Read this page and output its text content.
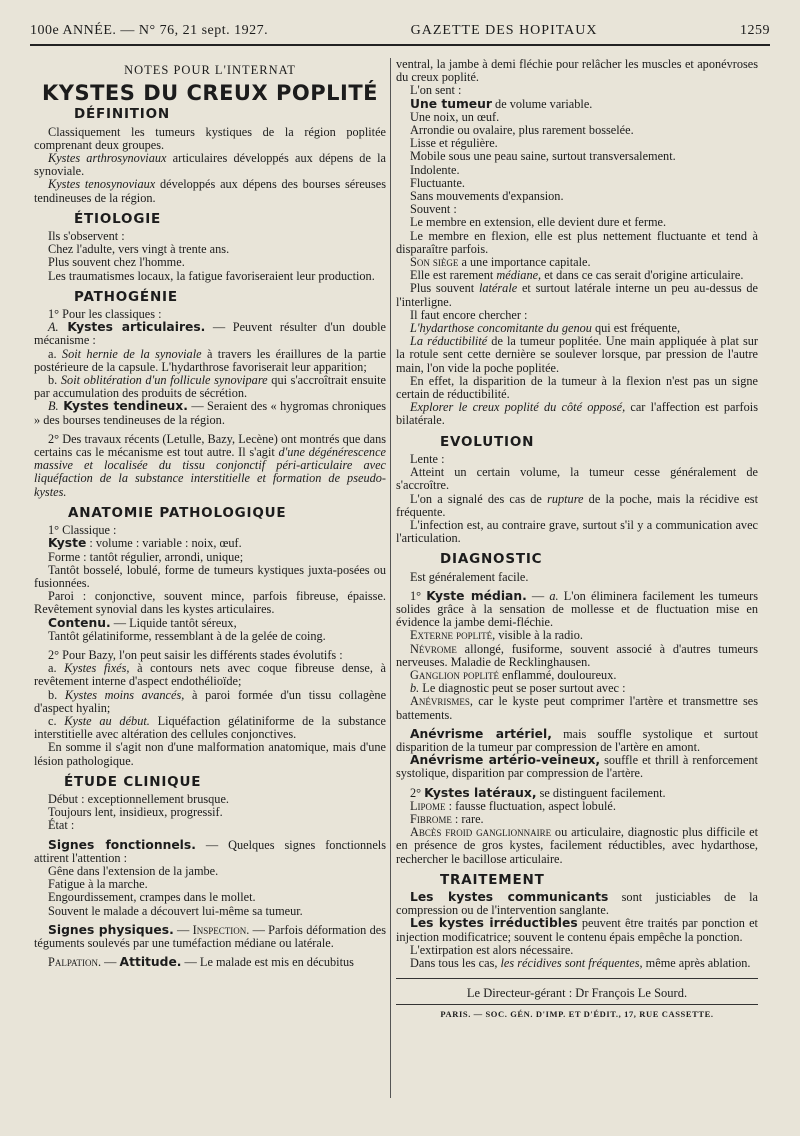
100e ANNÉE. — N° 76, 21 sept. 1927.	GAZETTE DES HOPITAUX	1259
NOTES POUR L'INTERNAT
KYSTES DU CREUX POPLITÉ
DÉFINITION

Classiquement les tumeurs kystiques de la région poplitée comprenant deux groupes.

Kystes arthrosynoviaux articulaires développés aux dépens de la synoviale.

Kystes tenosynoviaux développés aux dépens des bourses séreuses tendineuses de la région.

ÉTIOLOGIE

Ils s'observent :

Chez l'adulte, vers vingt à trente ans.

Plus souvent chez l'homme.

Les traumatismes locaux, la fatigue favoriseraient leur production.

PATHOGÉNIE

1° Pour les classiques :

A. Kystes articulaires. — Peuvent résulter d'un double mécanisme :

a. Soit hernie de la synoviale à travers les éraillures de la partie postérieure de la capsule. L'hydarthrose favoriserait leur apparition;

b. Soit oblitération d'un follicule synovipare qui s'accroîtrait ensuite par accumulation des produits de sécrétion.

B. Kystes tendineux. — Seraient des « hygromas chroniques » des bourses tendineuses de la région.

2° Des travaux récents (Letulle, Bazy, Lecène) ont montrés que dans certains cas le mécanisme est tout autre. Il s'agit d'une dégénérescence massive et localisée du tissu conjonctif péri-articulaire avec liquéfaction de la substance interstitielle et formation de pseudo-kystes.

ANATOMIE PATHOLOGIQUE

1° Classique :

Kyste : volume : variable : noix, œuf.

Forme : tantôt régulier, arrondi, unique;

Tantôt bosselé, lobulé, forme de tumeurs kystiques juxta-posées ou fusionnées.

Paroi : conjonctive, souvent mince, parfois fibreuse, épaisse. Revêtement synovial dans les kystes articulaires.

Contenu. — Liquide tantôt séreux,

Tantôt gélatiniforme, ressemblant à de la gelée de coing.

2° Pour Bazy, l'on peut saisir les différents stades évolutifs :

a. Kystes fixés, à contours nets avec coque fibreuse dense, à revêtement interne d'aspect endothélioïde;

b. Kystes moins avancés, à paroi formée d'un tissu collagène d'aspect hyalin;

c. Kyste au début. Liquéfaction gélatiniforme de la substance interstitielle avec altération des cellules conjonctives.

En somme il s'agit non d'une malformation anatomique, mais d'une lésion pathologique.

ÉTUDE CLINIQUE

Début : exceptionnellement brusque.

Toujours lent, insidieux, progressif.

État :

Signes fonctionnels. — Quelques signes fonctionnels attirent l'attention :

Gêne dans l'extension de la jambe.

Fatigue à la marche.

Engourdissement, crampes dans le mollet.

Souvent le malade a découvert lui-même sa tumeur.

Signes physiques. — Inspection. — Parfois déformation des téguments soulevés par une tuméfaction médiane ou latérale.

Palpation. — Attitude. — Le malade est mis en décubitus

ventral, la jambe à demi fléchie pour relâcher les muscles et aponévroses du creux poplité.

L'on sent :

Une tumeur de volume variable.

Une noix, un œuf.

Arrondie ou ovalaire, plus rarement bosselée.

Lisse et régulière.

Mobile sous une peau saine, surtout transversalement.

Indolente.

Fluctuante.

Sans mouvements d'expansion.

Souvent :

Le membre en extension, elle devient dure et ferme.

Le membre en flexion, elle est plus nettement fluctuante et tend à disparaître parfois.

Son siège a une importance capitale.

Elle est rarement médiane, et dans ce cas serait d'origine articulaire.

Plus souvent latérale et surtout latérale interne un peu au-dessus de l'interligne.

Il faut encore chercher :

L'hydarthose concomitante du genou qui est fréquente,

La réductibilité de la tumeur poplitée. Une main appliquée à plat sur la rotule sent cette dernière se soulever lorsque, par pression de l'autre main, l'on vide la poche poplitée.

En effet, la disparition de la tumeur à la flexion n'est pas un signe certain de réductibilité.

Explorer le creux poplité du côté opposé, car l'affection est parfois bilatérale.

EVOLUTION

Lente :

Atteint un certain volume, la tumeur cesse généralement de s'accroître.

L'on a signalé des cas de rupture de la poche, mais la récidive est fréquente.

L'infection est, au contraire grave, surtout s'il y a communication avec l'articulation.

DIAGNOSTIC

Est généralement facile.

1° Kyste médian. — a. L'on éliminera facilement les tumeurs solides grâce à la sensation de mollesse et de fluctuation mise en évidence la jambe demi-fléchie.

Externe poplité, visible à la radio.

Névrome allongé, fusiforme, souvent associé à d'autres tumeurs nerveuses. Maladie de Recklinghausen.

Ganglion poplité enflammé, douloureux.

b. Le diagnostic peut se poser surtout avec :

Anévrismes, car le kyste peut comprimer l'artère et transmettre ses battements.

Anévrisme artériel, mais souffle systolique et surtout disparition de la tumeur par compression de l'artère en amont.

Anévrisme artério-veineux, souffle et thrill à renforcement systolique, disparition par compression de l'artère.

2° Kystes latéraux, se distinguent facilement.

Lipome : fausse fluctuation, aspect lobulé.

Fibrome : rare.

Abcès froid ganglionnaire ou articulaire, diagnostic plus difficile et en présence de gros kystes, facilement réductibles, avec hydarthose, rechercher le bacillose articulaire.

TRAITEMENT

Les kystes communicants sont justiciables de la compression ou de l'intervention sanglante.

Les kystes irréductibles peuvent être traités par ponction et injection modificatrice; souvent le contenu épais empêche la ponction.

L'extirpation est alors nécessaire.

Dans tous les cas, les récidives sont fréquentes, même après ablation.

Le Directeur-gérant : Dr François Le Sourd.
PARIS. — SOC. GÉN. D'IMP. ET D'ÉDIT., 17, RUE CASSETTE.
